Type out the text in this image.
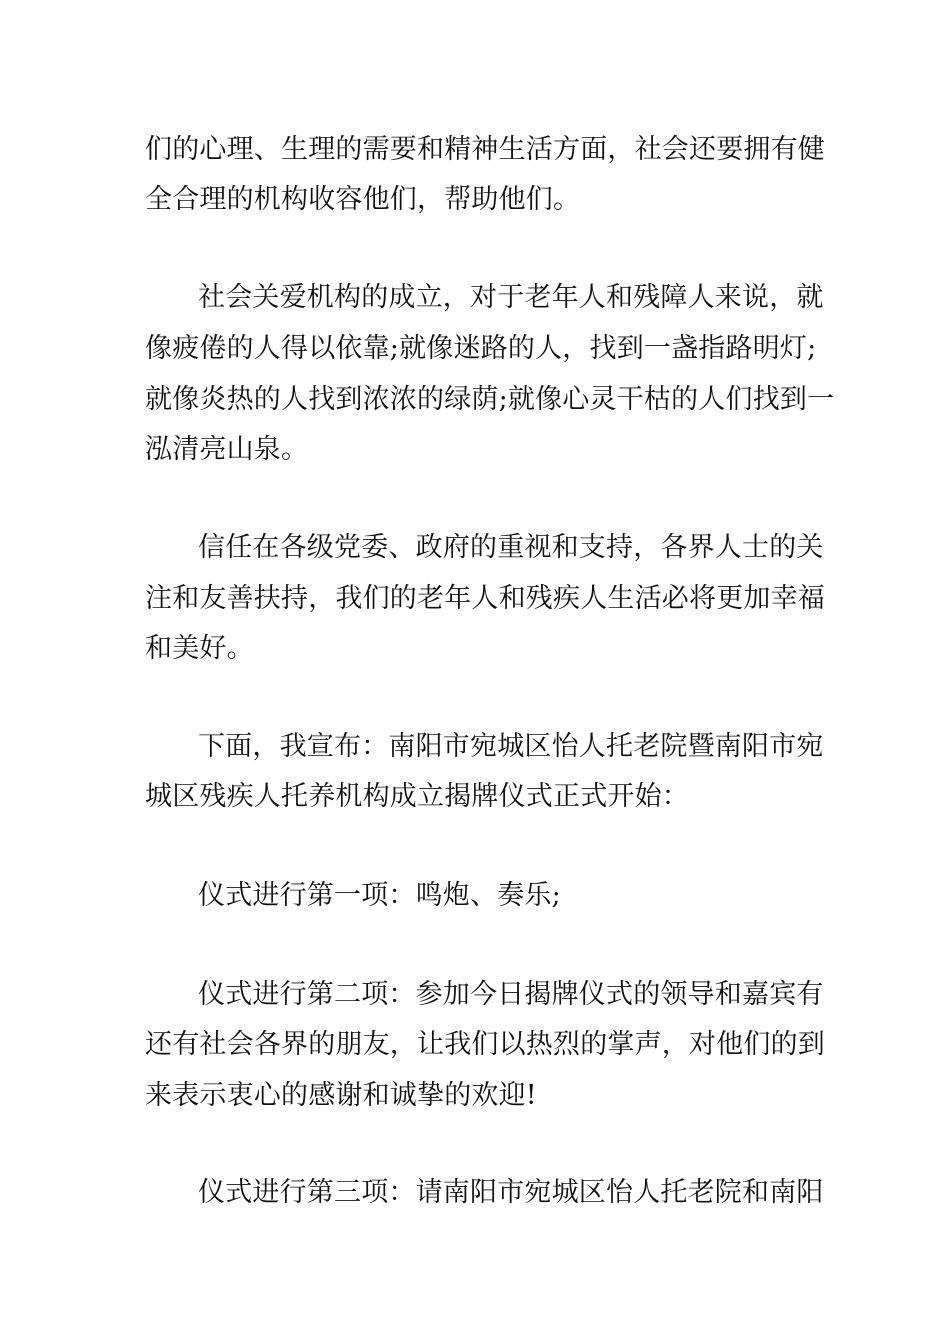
们的心理、生理的需要和精神生活方面，社会还要拥有健
全合理的机构收容他们，帮助他们。
社会关爱机构的成立，对于老年人和残障人来说，就
像疲倦的人得以依靠;就像迷路的人，找到一盏指路明灯;
就像炎热的人找到浓浓的绿荫;就像心灵干枯的人们找到一
泓清亮山泉。
信任在各级党委、政府的重视和支持，各界人士的关
注和友善扶持，我们的老年人和残疾人生活必将更加幸福
和美好。
下面，我宣布：南阳市宛城区怡人托老院暨南阳市宛
城区残疾人托养机构成立揭牌仪式正式开始：
仪式进行第一项：鸣炮、奏乐;
仪式进行第二项：参加今日揭牌仪式的领导和嘉宾有
还有社会各界的朋友，让我们以热烈的掌声，对他们的到
来表示衷心的感谢和诚挚的欢迎!
仪式进行第三项：请南阳市宛城区怡人托老院和南阳
